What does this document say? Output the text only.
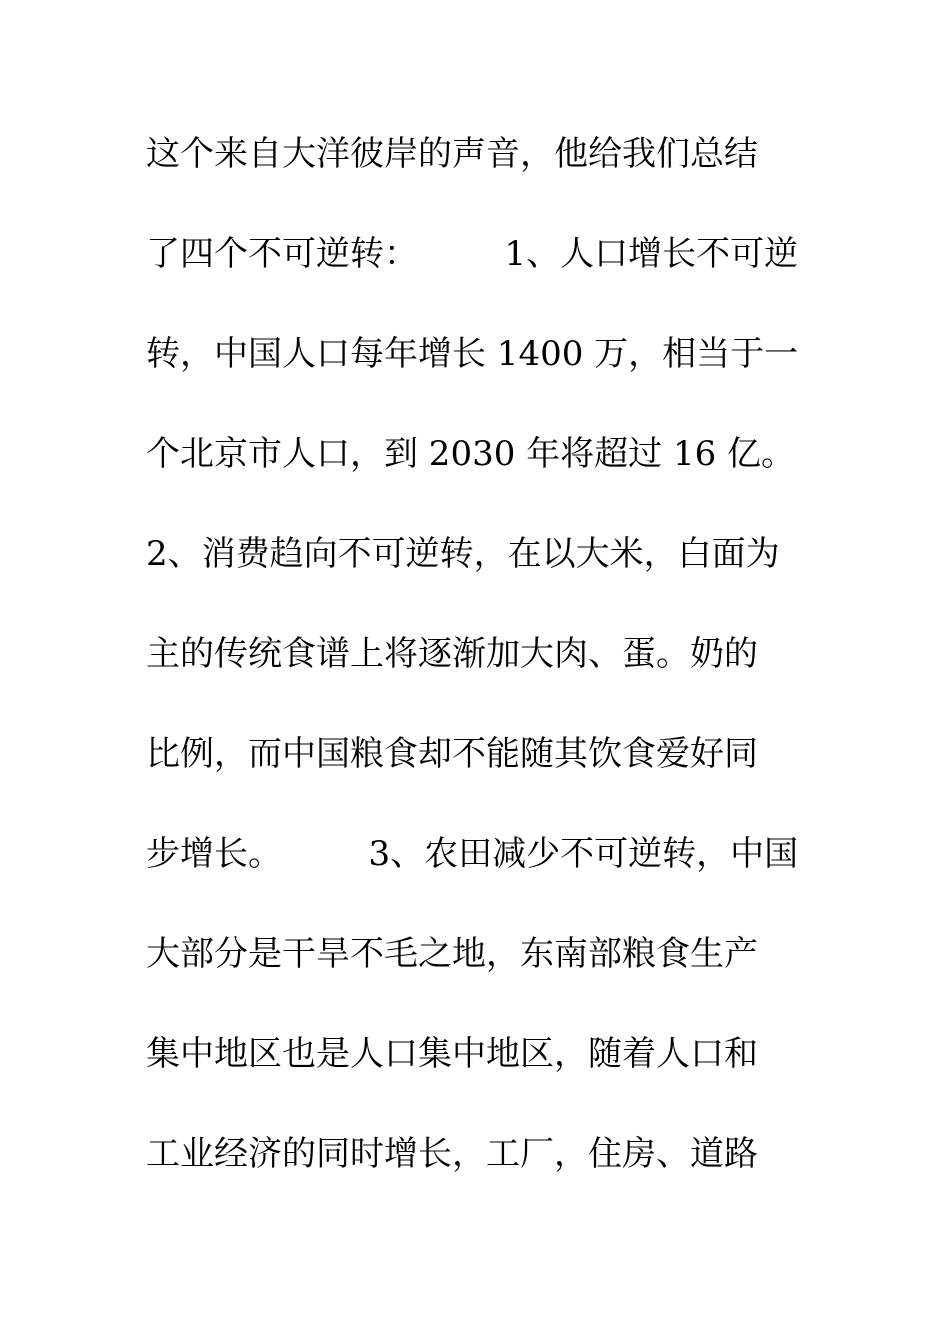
这个来自大洋彼岸的声音，他给我们总结
了四个不可逆转：        1、人口增长不可逆
转，中国人口每年增长 1400 万，相当于一
个北京市人口，到 2030 年将超过 16 亿。
2、消费趋向不可逆转，在以大米，白面为
主的传统食谱上将逐渐加大肉、蛋。奶的
比例，而中国粮食却不能随其饮食爱好同
步增长。        3、农田减少不可逆转，中国
大部分是干旱不毛之地，东南部粮食生产
集中地区也是人口集中地区，随着人口和
工业经济的同时增长，工厂，住房、道路
